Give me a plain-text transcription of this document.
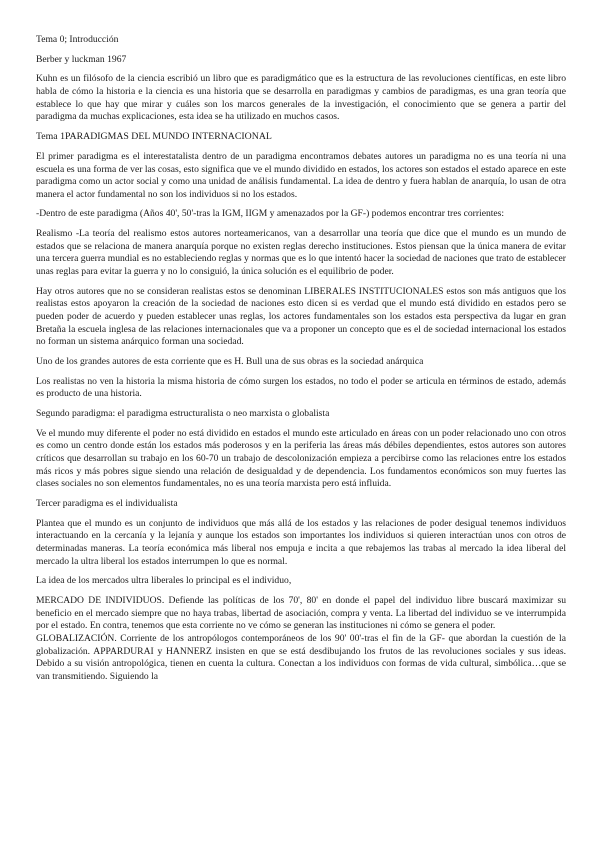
Tema 0; Introducción

Berber y luckman 1967

Kuhn es un filósofo de la ciencia escribió un libro que es paradigmático que es la estructura de las revoluciones científicas, en este libro habla de cómo la historia e la ciencia es una historia que se desarrolla en paradigmas y cambios de paradigmas, es una gran teoría que establece lo que hay que mirar y cuáles son los marcos generales de la investigación, el conocimiento que se genera a partir del paradigma da muchas explicaciones, esta idea se ha utilizado en muchos casos.

Tema 1PARADIGMAS DEL MUNDO INTERNACIONAL

El primer paradigma es el interestatalista dentro de un paradigma encontramos debates autores un paradigma no es una teoría ni una escuela es una forma de ver las cosas, esto significa que ve el mundo dividido en estados, los actores son estados el estado aparece en este paradigma como un actor social y como una unidad de análisis fundamental. La idea de dentro y fuera hablan de anarquía, lo usan de otra manera el actor fundamental no son los individuos si no los estados.

-Dentro de este paradigma (Años 40', 50'-tras la IGM, IIGM y amenazados por la GF-) podemos encontrar tres corrientes:

Realismo -La teoría del realismo estos autores norteamericanos, van a desarrollar una teoría que dice que el mundo es un mundo de estados que se relaciona de manera anarquía porque no existen reglas derecho instituciones. Estos piensan que la única manera de evitar una tercera guerra mundial es no estableciendo reglas y normas que es lo que intentó hacer la sociedad de naciones que trato de establecer unas reglas para evitar la guerra y no lo consiguió, la única solución es el equilibrio de poder.

Hay otros autores que no se consideran realistas estos se denominan LIBERALES INSTITUCIONALES estos son más antiguos que los realistas estos apoyaron la creación de la sociedad de naciones esto dicen si es verdad que el mundo está dividido en estados pero se pueden poder de acuerdo y pueden establecer unas reglas, los actores fundamentales son los estados esta perspectiva da lugar en gran Bretaña la escuela inglesa de las relaciones internacionales que va a proponer un concepto que es el de sociedad internacional los estados no forman un sistema anárquico forman una sociedad.

Uno de los grandes autores de esta corriente que es H. Bull una de sus obras es la sociedad anárquica

Los realistas no ven la historia la misma historia de cómo surgen los estados, no todo el poder se articula en términos de estado, además es producto de una historia.

Segundo paradigma: el paradigma estructuralista o neo marxista o globalista

Ve el mundo muy diferente el poder no está dividido en estados el mundo este articulado en áreas con un poder relacionado uno con otros es como un centro donde están los estados más poderosos y en la periferia las áreas más débiles dependientes, estos autores son autores críticos que desarrollan su trabajo en los 60-70 un trabajo de descolonización empieza a percibirse como las relaciones entre los estados más ricos y más pobres sigue siendo una relación de desigualdad y de dependencia. Los fundamentos económicos son muy fuertes las clases sociales no son elementos fundamentales, no es una teoría marxista pero está influida.

Tercer paradigma es el individualista

Plantea que el mundo es un conjunto de individuos que más allá de los estados y las relaciones de poder desigual tenemos individuos interactuando en la cercanía y la lejanía y aunque los estados son importantes los individuos si quieren interactúan unos con otros de determinadas maneras. La teoría económica más liberal nos empuja e incita a que rebajemos las trabas al mercado la idea liberal del mercado la ultra liberal los estados interrumpen lo que es normal.

La idea de los mercados ultra liberales lo principal es el individuo,

MERCADO DE INDIVIDUOS. Defiende las políticas de los 70', 80' en donde el papel del individuo libre buscará maximizar su beneficio en el mercado siempre que no haya trabas, libertad de asociación, compra y venta. La libertad del individuo se ve interrumpida por el estado. En contra, tenemos que esta corriente no ve cómo se generan las instituciones ni cómo se genera el poder.

GLOBALIZACIÓN. Corriente de los antropólogos contemporáneos de los 90' 00'-tras el fin de la GF- que abordan la cuestión de la globalización. APPARDURAI y HANNERZ insisten en que se está desdibujando los frutos de las revoluciones sociales y sus ideas. Debido a su visión antropológica, tienen en cuenta la cultura. Conectan a los individuos con formas de vida cultural, simbólica…que se van transmitiendo. Siguiendo la
